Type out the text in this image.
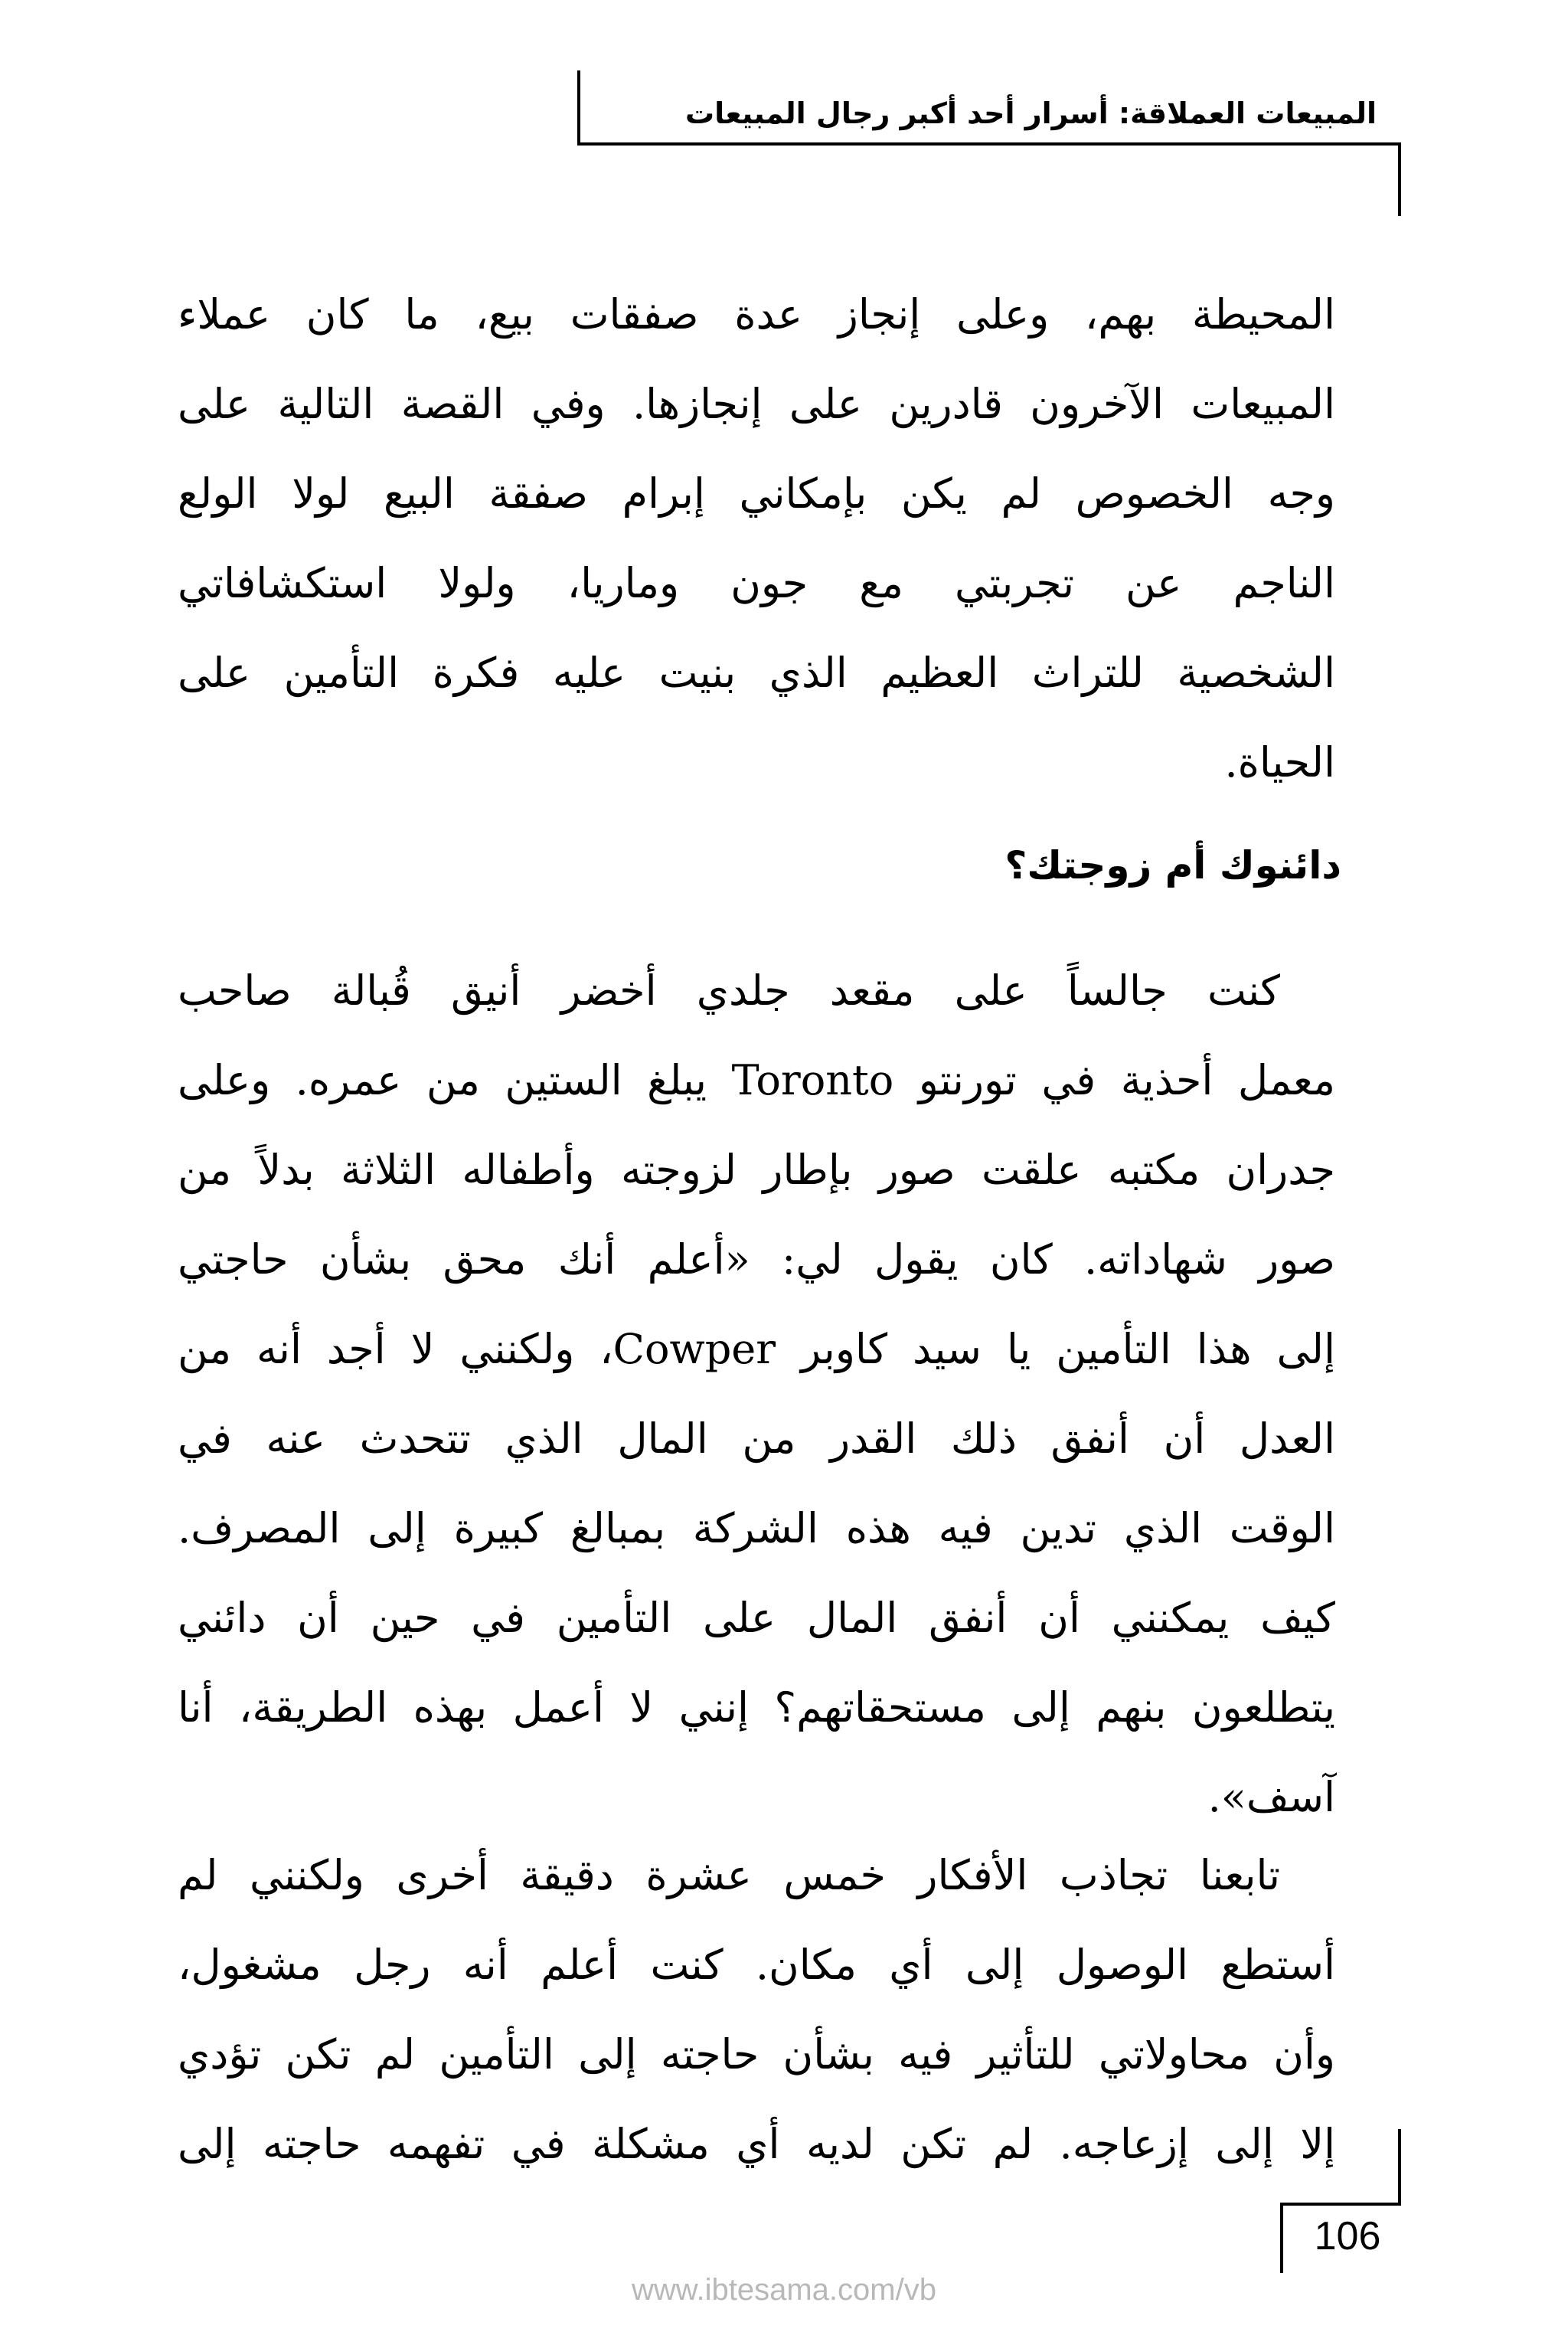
المبيعات العملاقة: أسرار أحد أكبر رجال المبيعات
المحيطة بهم، وعلى إنجاز عدة صفقات بيع، ما كان عملاء
المبيعات الآخرون قادرين على إنجازها. وفي القصة التالية على
وجه الخصوص لم يكن بإمكاني إبرام صفقة البيع لولا الولع
الناجم عن تجربتي مع جون وماريا، ولولا استكشافاتي
الشخصية للتراث العظيم الذي بنيت عليه فكرة التأمين على
الحياة.
دائنوك أم زوجتك؟
كنت جالساً على مقعد جلدي أخضر أنيق قُبالة صاحب
معمل أحذية في تورنتو Toronto يبلغ الستين من عمره. وعلى
جدران مكتبه علقت صور بإطار لزوجته وأطفاله الثلاثة بدلاً من
صور شهاداته. كان يقول لي: «أعلم أنك محق بشأن حاجتي
إلى هذا التأمين يا سيد كاوبر Cowper، ولكنني لا أجد أنه من
العدل أن أنفق ذلك القدر من المال الذي تتحدث عنه في
الوقت الذي تدين فيه هذه الشركة بمبالغ كبيرة إلى المصرف.
كيف يمكنني أن أنفق المال على التأمين في حين أن دائني
يتطلعون بنهم إلى مستحقاتهم؟ إنني لا أعمل بهذه الطريقة، أنا
آسف».
تابعنا تجاذب الأفكار خمس عشرة دقيقة أخرى ولكنني لم
أستطع الوصول إلى أي مكان. كنت أعلم أنه رجل مشغول،
وأن محاولاتي للتأثير فيه بشأن حاجته إلى التأمين لم تكن تؤدي
إلا إلى إزعاجه. لم تكن لديه أي مشكلة في تفهمه حاجته إلى
106
www.ibtesama.com/vb
